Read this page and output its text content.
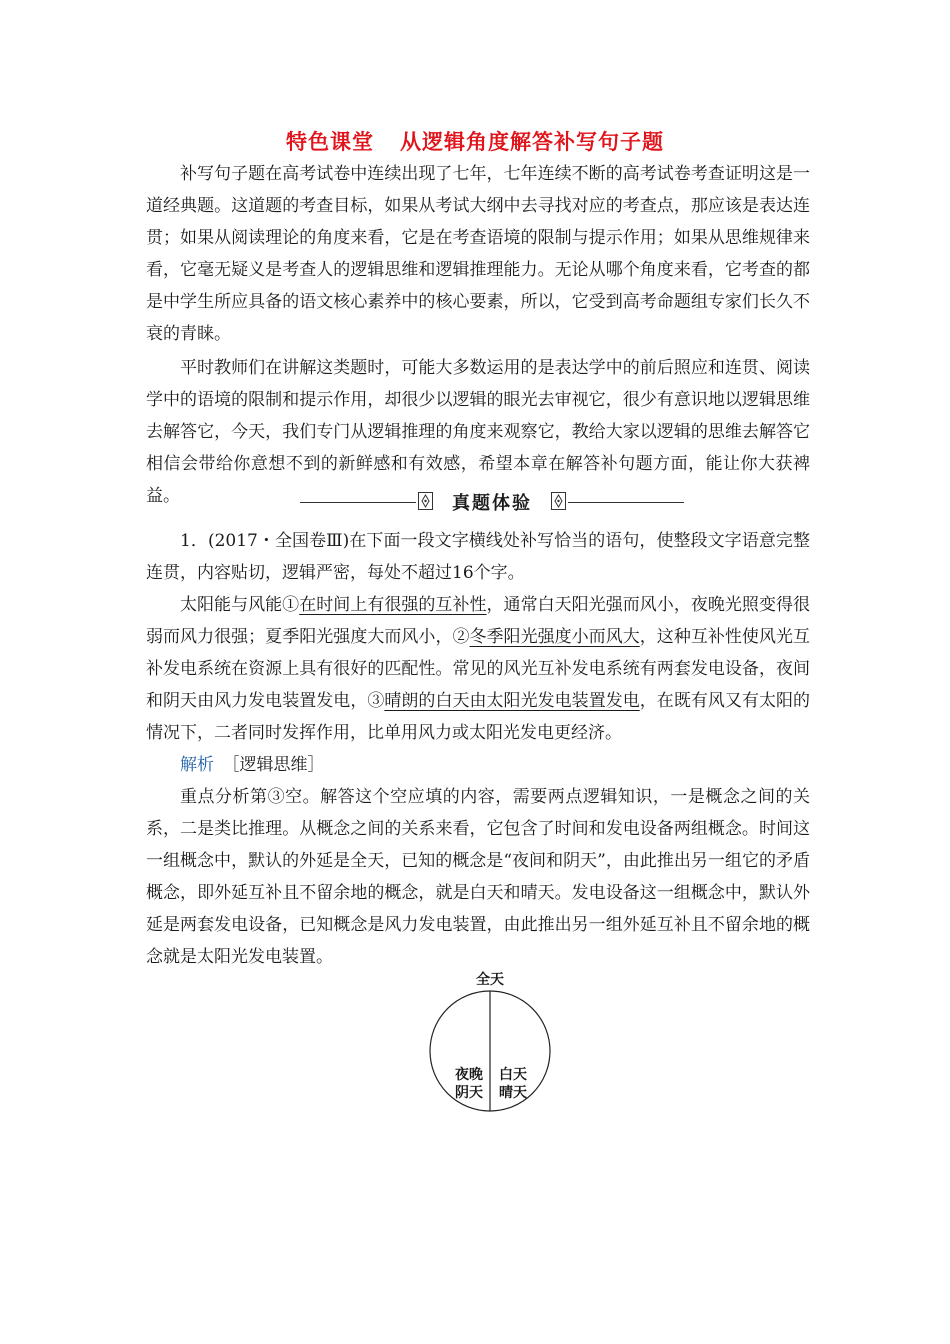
特色课堂 从逻辑角度解答补写句子题

补写句子题在高考试卷中连续出现了七年，七年连续不断的高考试卷考查证明这是一道经典题。这道题的考查目标，如果从考试大纲中去寻找对应的考查点，那应该是表达连贯；如果从阅读理论的角度来看，它是在考查语境的限制与提示作用；如果从思维规律来看，它毫无疑义是考查人的逻辑思维和逻辑推理能力。无论从哪个角度来看，它考查的都是中学生所应具备的语文核心素养中的核心要素，所以，它受到高考命题组专家们长久不衰的青睐。

平时教师们在讲解这类题时，可能大多数运用的是表达学中的前后照应和连贯、阅读学中的语境的限制和提示作用，却很少以逻辑的眼光去审视它，很少有意识地以逻辑思维去解答它，今天，我们专门从逻辑推理的角度来观察它，教给大家以逻辑的思维去解答它相信会带给你意想不到的新鲜感和有效感，希望本章在解答补句题方面，能让你大获裨益。	真题体验

1．(2017・全国卷Ⅲ)在下面一段文字横线处补写恰当的语句，使整段文字语意完整连贯，内容贴切，逻辑严密，每处不超过16个字。

太阳能与风能①在时间上有很强的互补性，通常白天阳光强而风小，夜晚光照变得很弱而风力很强；夏季阳光强度大而风小，②冬季阳光强度小而风大，这种互补性使风光互补发电系统在资源上具有很好的匹配性。常见的风光互补发电系统有两套发电设备，夜间和阴天由风力发电装置发电，③晴朗的白天由太阳光发电装置发电，在既有风又有太阳的情况下，二者同时发挥作用，比单用风力或太阳光发电更经济。

解析　 ［逻辑思维］

重点分析第③空。解答这个空应填的内容，需要两点逻辑知识，一是概念之间的关系，二是类比推理。从概念之间的关系来看，它包含了时间和发电设备两组概念。时间这一组概念中，默认的外延是全天，已知的概念是“夜间和阴天”，由此推出另一组它的矛盾概念，即外延互补且不留余地的概念，就是白天和晴天。发电设备这一组概念中，默认外延是两套发电设备，已知概念是风力发电装置，由此推出另一组外延互补且不留余地的概念就是太阳光发电装置。

全天
夜晚
阴天
白天
晴天
